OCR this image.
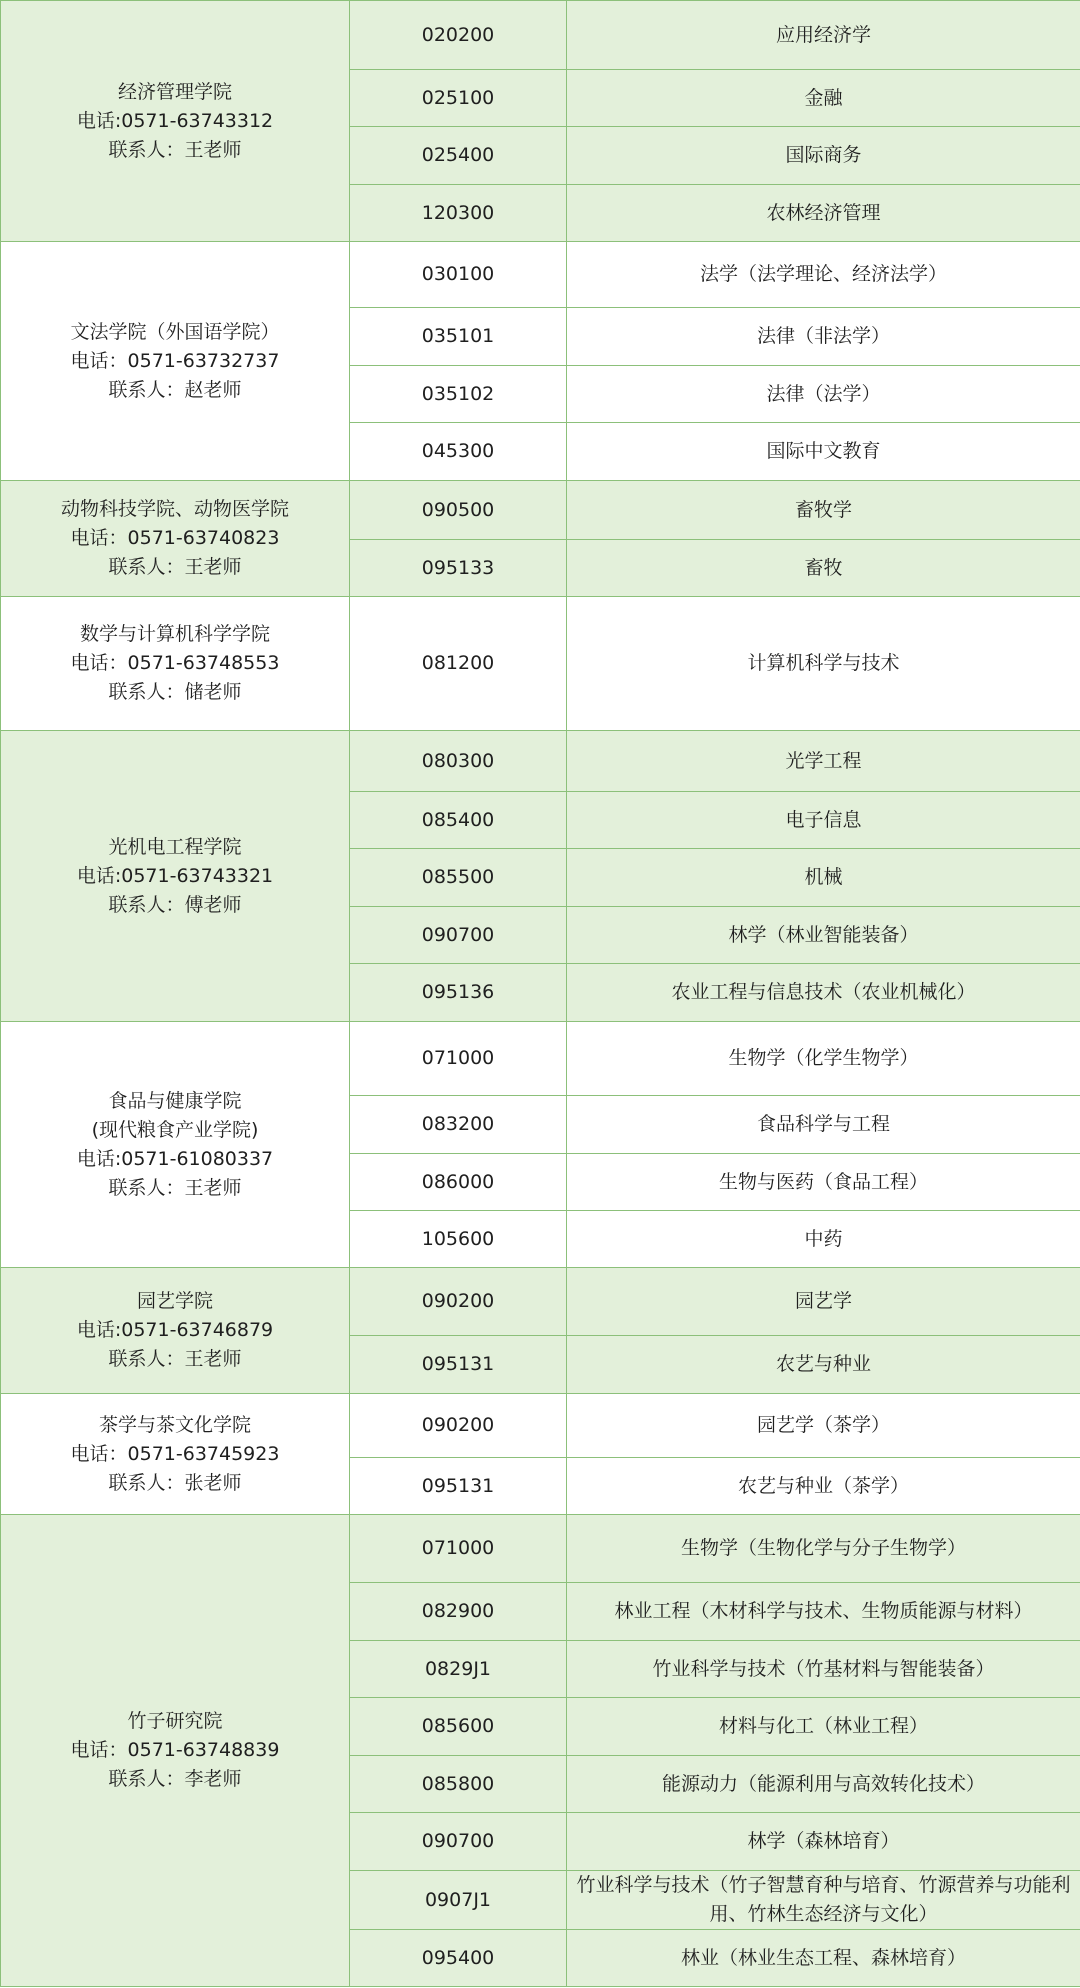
经济管理学院
电话:0571-63743312
联系人：王老师	020200	应用经济学
	025100	金融
	025400	国际商务
	120300	农林经济管理

文法学院（外国语学院）
电话：0571-63732737
联系人：赵老师	030100	法学（法学理论、经济法学）
	035101	法律（非法学）
	035102	法律（法学）
	045300	国际中文教育

动物科技学院、动物医学院
电话：0571-63740823
联系人：王老师	090500	畜牧学
	095133	畜牧

数学与计算机科学学院
电话：0571-63748553
联系人：储老师	081200	计算机科学与技术

光机电工程学院
电话:0571-63743321
联系人：傅老师	080300	光学工程
	085400	电子信息
	085500	机械
	090700	林学（林业智能装备）
	095136	农业工程与信息技术（农业机械化）

食品与健康学院
(现代粮食产业学院)
电话:0571-61080337
联系人：王老师	071000	生物学（化学生物学）
	083200	食品科学与工程
	086000	生物与医药（食品工程）
	105600	中药

园艺学院
电话:0571-63746879
联系人：王老师	090200	园艺学
	095131	农艺与种业

茶学与茶文化学院
电话：0571-63745923
联系人：张老师	090200	园艺学（茶学）
	095131	农艺与种业（茶学）

竹子研究院
电话：0571-63748839
联系人：李老师	071000	生物学（生物化学与分子生物学）
	082900	林业工程（木材科学与技术、生物质能源与材料）
	0829J1	竹业科学与技术（竹基材料与智能装备）
	085600	材料与化工（林业工程）
	085800	能源动力（能源利用与高效转化技术）
	090700	林学（森林培育）
	0907J1	竹业科学与技术（竹子智慧育种与培育、竹源营养与功能利用、竹林生态经济与文化）
	095400	林业（林业生态工程、森林培育）
